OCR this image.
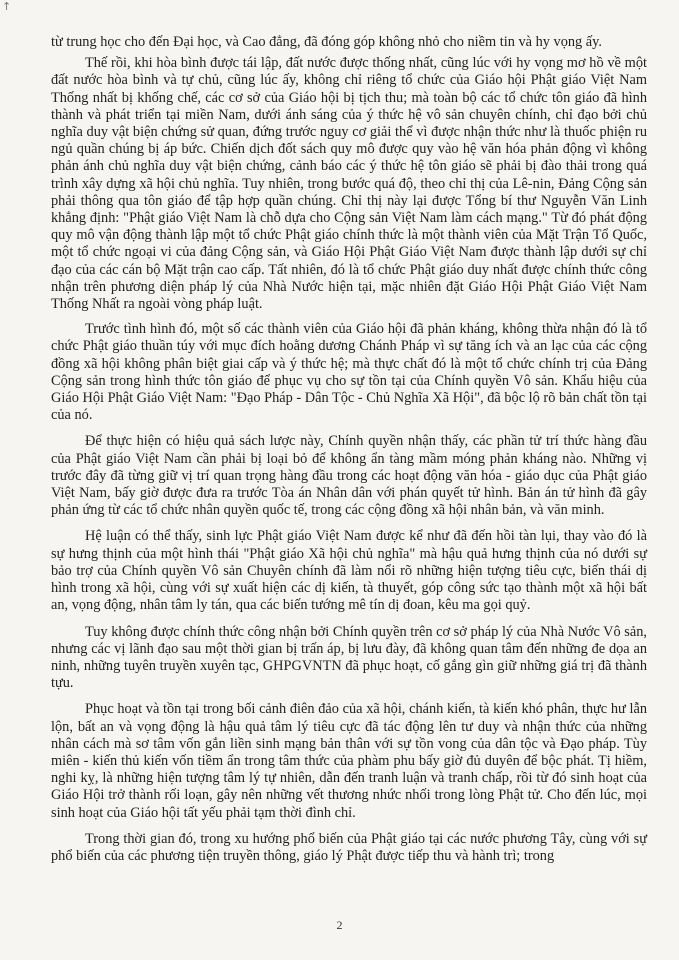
↑

từ trung học cho đến Đại học, và Cao đẳng, đã đóng góp không nhỏ cho niềm tin và hy vọng ấy.

Thế rồi, khi hòa bình được tái lập, đất nước được thống nhất, cũng lúc với hy vọng mơ hồ về một đất nước hòa bình và tự chủ, cũng lúc ấy, không chỉ riêng tổ chức của Giáo hội Phật giáo Việt Nam Thống nhất bị khống chế, các cơ sở của Giáo hội bị tịch thu; mà toàn bộ các tổ chức tôn giáo đã hình thành và phát triển tại miền Nam, dưới ánh sáng của ý thức hệ vô sản chuyên chính, chỉ đạo bởi chủ nghĩa duy vật biện chứng sử quan, đứng trước nguy cơ giải thể vì được nhận thức như là thuốc phiện ru ngủ quần chúng bị áp bức. Chiến dịch đốt sách quy mô được quy vào hệ văn hóa phản động vì không phản ánh chủ nghĩa duy vật biện chứng, cảnh báo các ý thức hệ tôn giáo sẽ phải bị đào thải trong quá trình xây dựng xã hội chủ nghĩa. Tuy nhiên, trong bước quá độ, theo chỉ thị của Lê-nin, Đảng Cộng sản phải thông qua tôn giáo để tập hợp quần chúng. Chỉ thị này lại được Tổng bí thư Nguyễn Văn Linh khẳng định: "Phật giáo Việt Nam là chỗ dựa cho Cộng sản Việt Nam làm cách mạng." Từ đó phát động quy mô vận động thành lập một tổ chức Phật giáo chính thức là một thành viên của Mặt Trận Tổ Quốc, một tổ chức ngoại vi của đảng Cộng sản, và Giáo Hội Phật Giáo Việt Nam được thành lập dưới sự chỉ đạo của các cán bộ Mặt trận cao cấp. Tất nhiên, đó là tổ chức Phật giáo duy nhất được chính thức công nhận trên phương diện pháp lý của Nhà Nước hiện tại, mặc nhiên đặt Giáo Hội Phật Giáo Việt Nam Thống Nhất ra ngoài vòng pháp luật.

Trước tình hình đó, một số các thành viên của Giáo hội đã phản kháng, không thừa nhận đó là tổ chức Phật giáo thuần túy với mục đích hoằng dương Chánh Pháp vì sự tăng ích và an lạc của các cộng đồng xã hội không phân biệt giai cấp và ý thức hệ; mà thực chất đó là một tổ chức chính trị của Đảng Cộng sản trong hình thức tôn giáo để phục vụ cho sự tồn tại của Chính quyền Vô sản. Khẩu hiệu của Giáo Hội Phật Giáo Việt Nam: "Đạo Pháp - Dân Tộc - Chủ Nghĩa Xã Hội", đã bộc lộ rõ bản chất tồn tại của nó.

Để thực hiện có hiệu quả sách lược này, Chính quyền nhận thấy, các phần tử trí thức hàng đầu của Phật giáo Việt Nam cần phải bị loại bỏ để không ẩn tàng mầm móng phản kháng nào. Những vị trước đây đã từng giữ vị trí quan trọng hàng đầu trong các hoạt động văn hóa - giáo dục của Phật giáo Việt Nam, bấy giờ được đưa ra trước Tòa án Nhân dân với phán quyết tử hình. Bản án tử hình đã gây phản ứng từ các tổ chức nhân quyền quốc tế, trong các cộng đồng xã hội nhân bản, và văn minh.

Hệ luận có thể thấy, sinh lực Phật giáo Việt Nam được kể như đã đến hồi tàn lụi, thay vào đó là sự hưng thịnh của một hình thái "Phật giáo Xã hội chủ nghĩa" mà hậu quả hưng thịnh của nó dưới sự bảo trợ của Chính quyền Vô sản Chuyên chính đã làm nổi rõ những hiện tượng tiêu cực, biến thái dị hình trong xã hội, cùng với sự xuất hiện các dị kiến, tà thuyết, góp công sức tạo thành một xã hội bất an, vọng động, nhân tâm ly tán, qua các biến tướng mê tín dị đoan, kêu ma gọi quỷ.

Tuy không được chính thức công nhận bởi Chính quyền trên cơ sở pháp lý của Nhà Nước Vô sản, nhưng các vị lãnh đạo sau một thời gian bị trấn áp, bị lưu đày, đã không quan tâm đến những đe dọa an ninh, những tuyên truyền xuyên tạc, GHPGVNTN đã phục hoạt, cố gắng gìn giữ những giá trị đã thành tựu.

Phục hoạt và tồn tại trong bối cảnh điên đảo của xã hội, chánh kiến, tà kiến khó phân, thực hư lẫn lộn, bất an và vọng động là hậu quả tâm lý tiêu cực đã tác động lên tư duy và nhận thức của những nhân cách mà sơ tâm vốn gắn liền sinh mạng bản thân với sự tồn vong của dân tộc và Đạo pháp. Tùy miên - kiến thủ kiến vốn tiềm ẩn trong tâm thức của phàm phu bấy giờ đủ duyên để bộc phát. Tị hiềm, nghi kỵ, là những hiện tượng tâm lý tự nhiên, dẫn đến tranh luận và tranh chấp, rồi từ đó sinh hoạt của Giáo Hội trở thành rối loạn, gây nên những vết thương nhức nhối trong lòng Phật tử. Cho đến lúc, mọi sinh hoạt của Giáo hội tất yếu phải tạm thời đình chỉ.

Trong thời gian đó, trong xu hướng phổ biến của Phật giáo tại các nước phương Tây, cùng với sự phổ biến của các phương tiện truyền thông, giáo lý Phật được tiếp thu và hành trì; trong

2
